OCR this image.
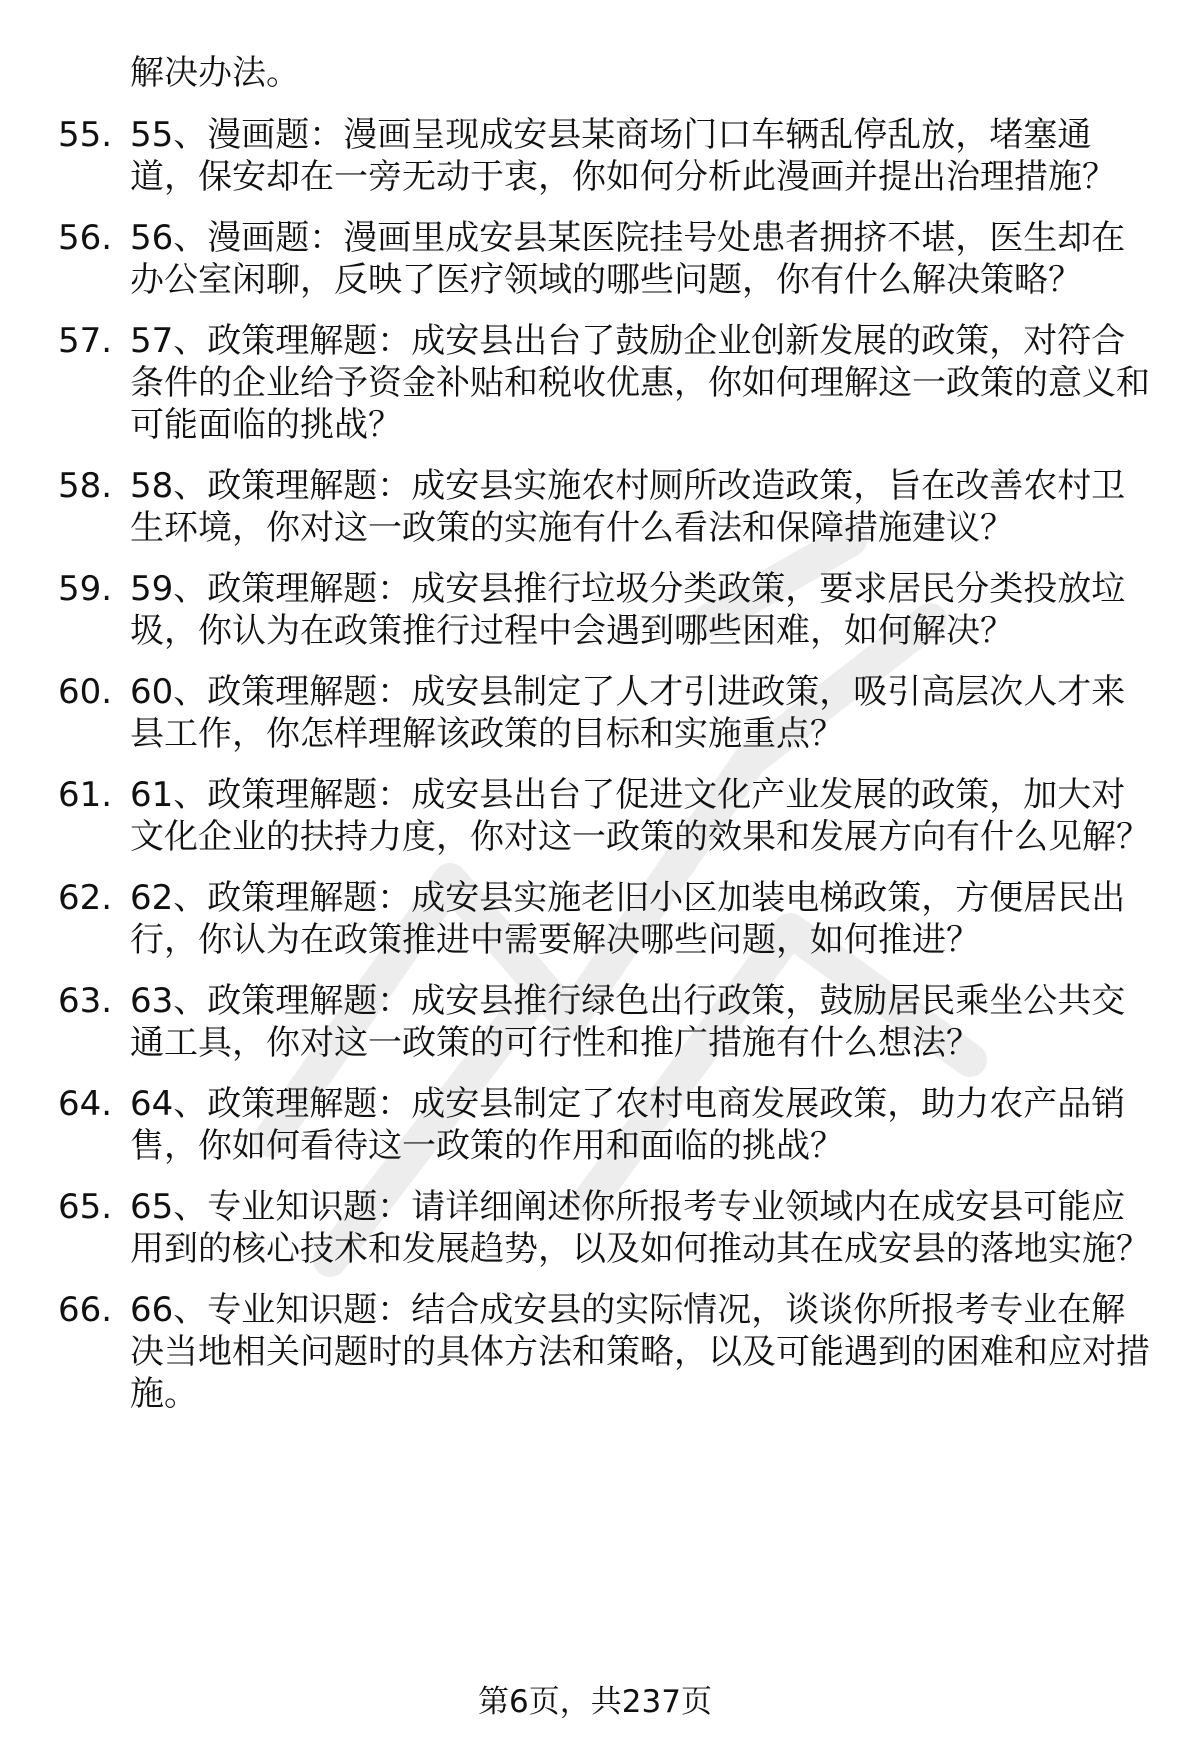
解决办法。

55. 55、漫画题：漫画呈现成安县某商场门口车辆乱停乱放，堵塞通道，保安却在一旁无动于衷，你如何分析此漫画并提出治理措施？
56. 56、漫画题：漫画里成安县某医院挂号处患者拥挤不堪，医生却在办公室闲聊，反映了医疗领域的哪些问题，你有什么解决策略？
57. 57、政策理解题：成安县出台了鼓励企业创新发展的政策，对符合条件的企业给予资金补贴和税收优惠，你如何理解这一政策的意义和可能面临的挑战？
58. 58、政策理解题：成安县实施农村厕所改造政策，旨在改善农村卫生环境，你对这一政策的实施有什么看法和保障措施建议？
59. 59、政策理解题：成安县推行垃圾分类政策，要求居民分类投放垃圾，你认为在政策推行过程中会遇到哪些困难，如何解决？
60. 60、政策理解题：成安县制定了人才引进政策，吸引高层次人才来县工作，你怎样理解该政策的目标和实施重点？
61. 61、政策理解题：成安县出台了促进文化产业发展的政策，加大对文化企业的扶持力度，你对这一政策的效果和发展方向有什么见解？
62. 62、政策理解题：成安县实施老旧小区加装电梯政策，方便居民出行，你认为在政策推进中需要解决哪些问题，如何推进？
63. 63、政策理解题：成安县推行绿色出行政策，鼓励居民乘坐公共交通工具，你对这一政策的可行性和推广措施有什么想法？
64. 64、政策理解题：成安县制定了农村电商发展政策，助力农产品销售，你如何看待这一政策的作用和面临的挑战？
65. 65、专业知识题：请详细阐述你所报考专业领域内在成安县可能应用到的核心技术和发展趋势，以及如何推动其在成安县的落地实施？
66. 66、专业知识题：结合成安县的实际情况，谈谈你所报考专业在解决当地相关问题时的具体方法和策略，以及可能遇到的困难和应对措施。
第6页，共237页
